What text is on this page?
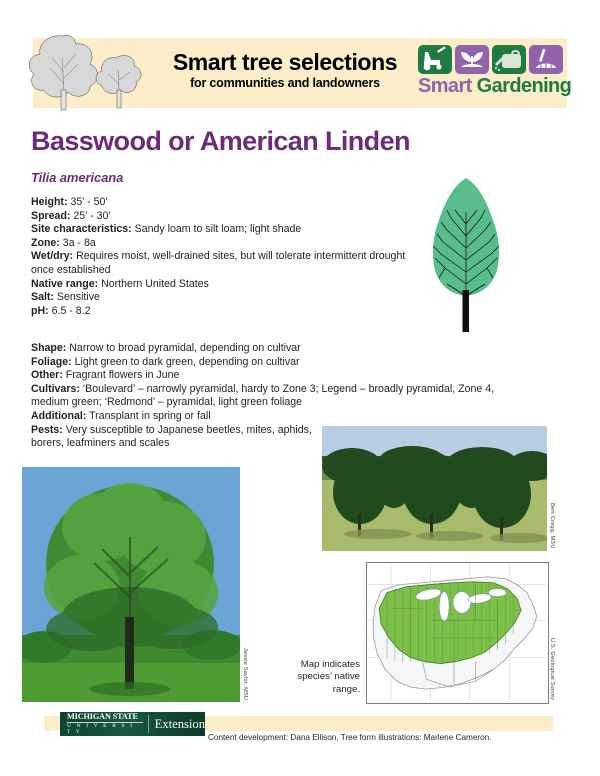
Smart tree selections
for communities and landowners	Smart Gardening
Basswood or American Linden
Tilia americana
Height: 35’ - 50’
Spread: 25’ - 30’
Site characteristics: Sandy loam to silt loam; light shade
Zone: 3a - 8a
Wet/dry: Requires moist, well-drained sites, but will tolerate intermittent drought once established
Native range: Northern United States
Salt: Sensitive
pH: 6.5 - 8.2
Shape: Narrow to broad pyramidal, depending on cultivar
Foliage: Light green to dark green, depending on cultivar
Other: Fragrant flowers in June
Cultivars: ‘Boulevard’ – narrowly pyramidal, hardy to Zone 3; Legend – broadly pyramidal, Zone 4, medium green; ‘Redmond’ – pyramidal, light green foliage
Additional: Transplant in spring or fall
Pests: Very susceptible to Japanese beetles, mites, aphids, borers, leafminers and scales
Bert Cregg, MSU
Jessie Saylor, MSU	U.S. Geological Survey
Map indicates species’ native range.
MICHIGAN STATE
U N I V E R S I T Y
Extension
Content development: Dana Ellison, Tree form illustrations: Marlene Cameron.
